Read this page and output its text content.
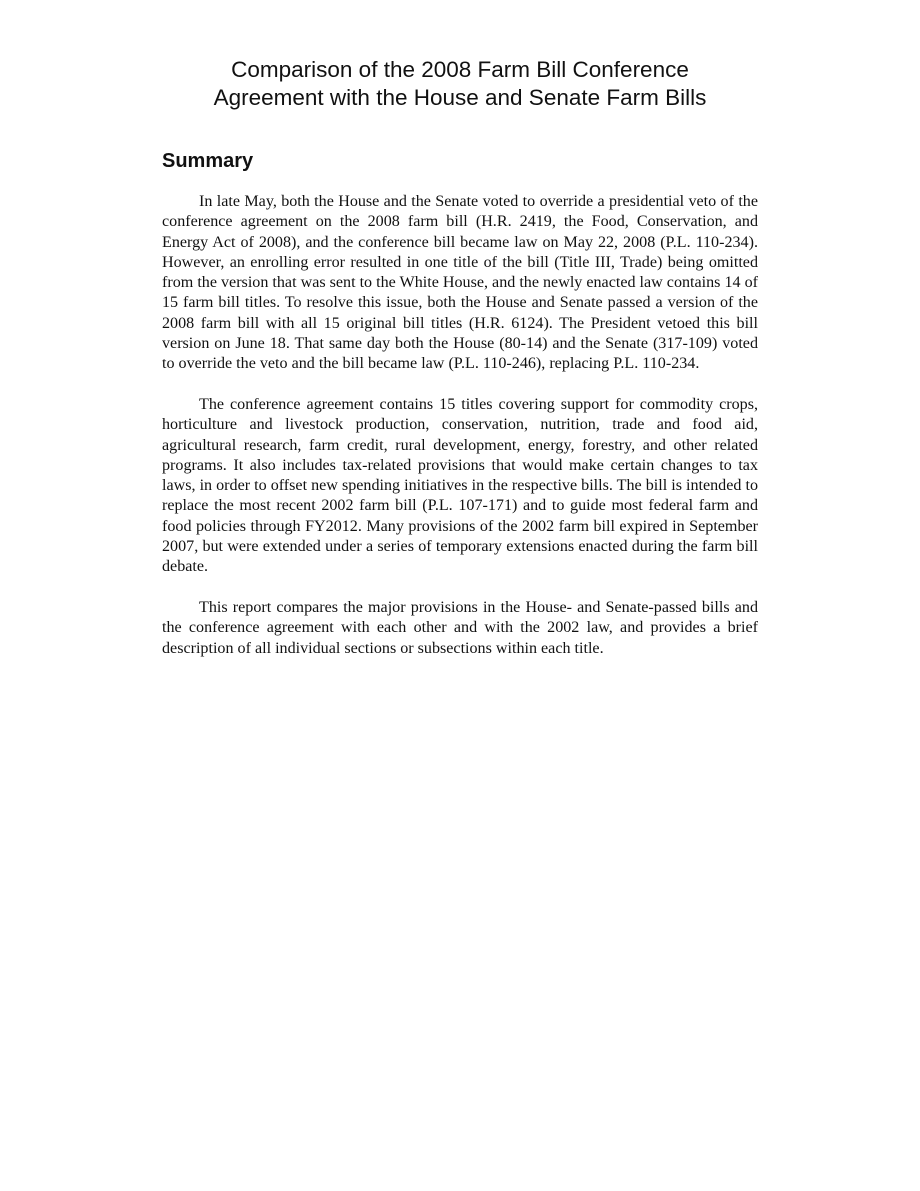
Comparison of the 2008 Farm Bill Conference
Agreement with the House and Senate Farm Bills
Summary

In late May, both the House and the Senate voted to override a presidential veto of the conference agreement on the 2008 farm bill (H.R. 2419, the Food, Conservation, and Energy Act of 2008), and the conference bill became law on May 22, 2008 (P.L. 110-234). However, an enrolling error resulted in one title of the bill (Title III, Trade) being omitted from the version that was sent to the White House, and the newly enacted law contains 14 of 15 farm bill titles. To resolve this issue, both the House and Senate passed a version of the 2008 farm bill with all 15 original bill titles (H.R. 6124). The President vetoed this bill version on June 18. That same day both the House (80-14) and the Senate (317-109) voted to override the veto and the bill became law (P.L. 110-246), replacing P.L. 110-234.

The conference agreement contains 15 titles covering support for commodity crops, horticulture and livestock production, conservation, nutrition, trade and food aid, agricultural research, farm credit, rural development, energy, forestry, and other related programs. It also includes tax-related provisions that would make certain changes to tax laws, in order to offset new spending initiatives in the respective bills. The bill is intended to replace the most recent 2002 farm bill (P.L. 107-171) and to guide most federal farm and food policies through FY2012. Many provisions of the 2002 farm bill expired in September 2007, but were extended under a series of temporary extensions enacted during the farm bill debate.

This report compares the major provisions in the House- and Senate-passed bills and the conference agreement with each other and with the 2002 law, and provides a brief description of all individual sections or subsections within each title.
